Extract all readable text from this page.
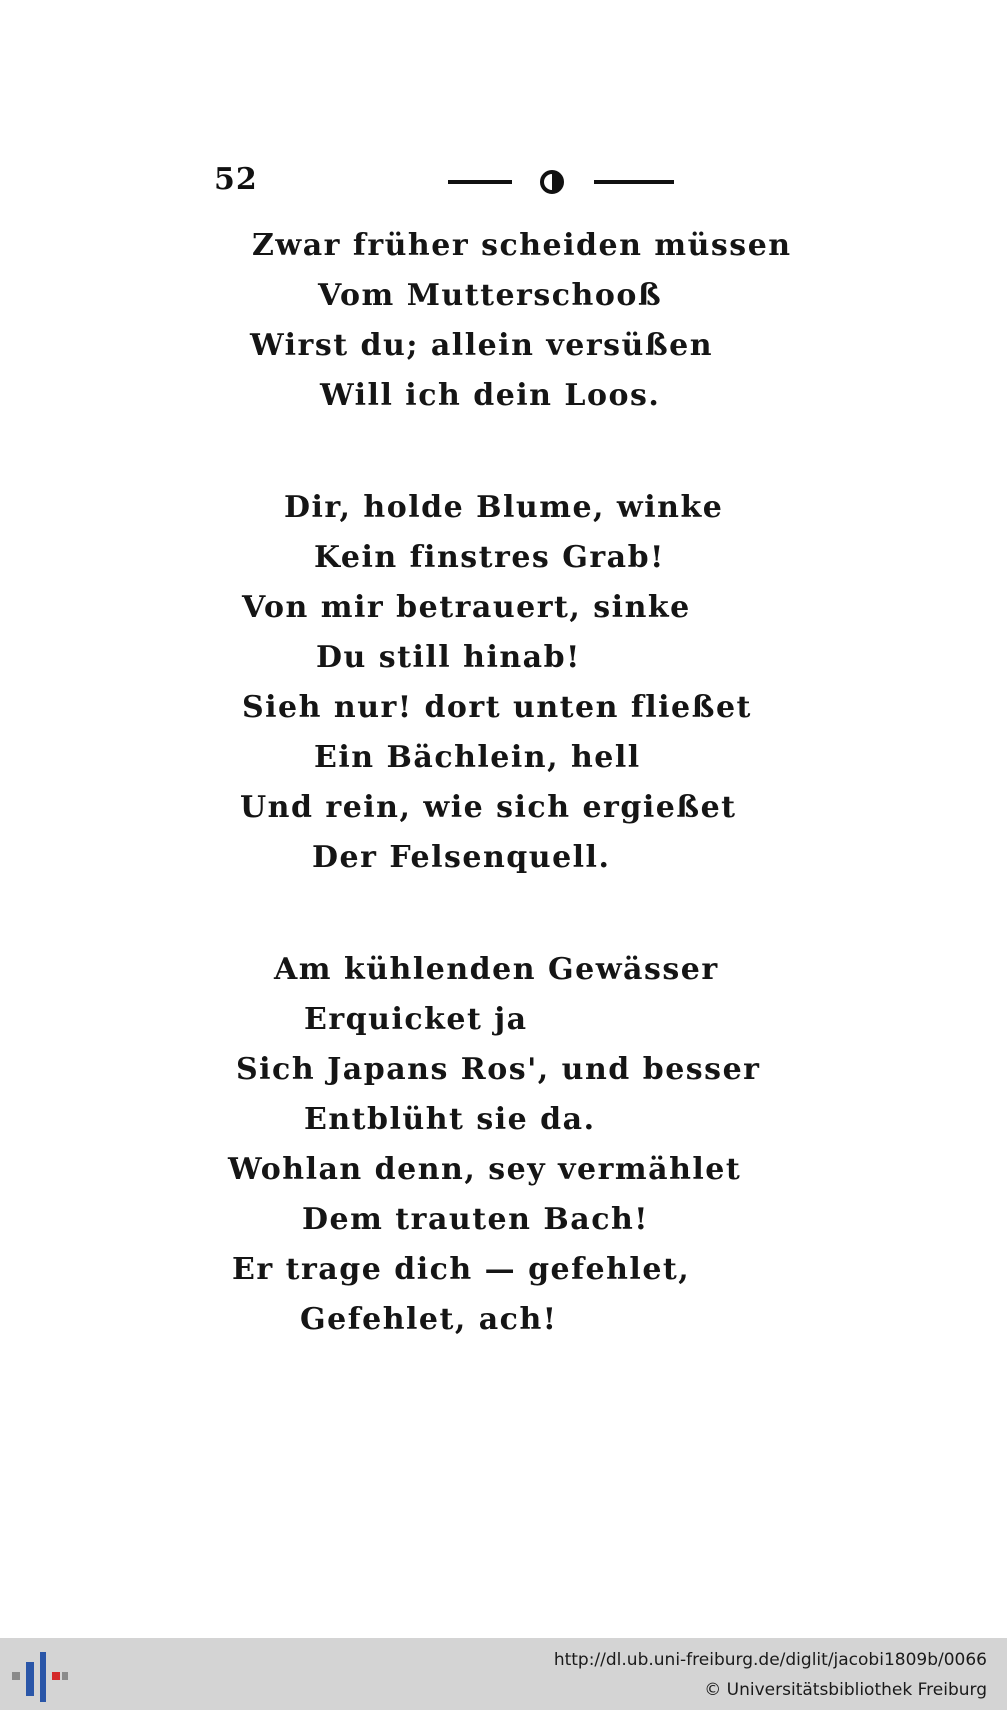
52
Zwar früher scheiden müssen
Vom Mutterschooß
Wirst du; allein versüßen
Will ich dein Loos.
Dir, holde Blume, winke
Kein finstres Grab!
Von mir betrauert, sinke
Du still hinab!
Sieh nur! dort unten fließet
Ein Bächlein, hell
Und rein, wie sich ergießet
Der Felsenquell.
Am kühlenden Gewässer
Erquicket ja
Sich Japans Ros', und besser
Entblüht sie da.
Wohlan denn, sey vermählet
Dem trauten Bach!
Er trage dich — gefehlet,
Gefehlet, ach!
http://dl.ub.uni-freiburg.de/diglit/jacobi1809b/0066
© Universitätsbibliothek Freiburg
